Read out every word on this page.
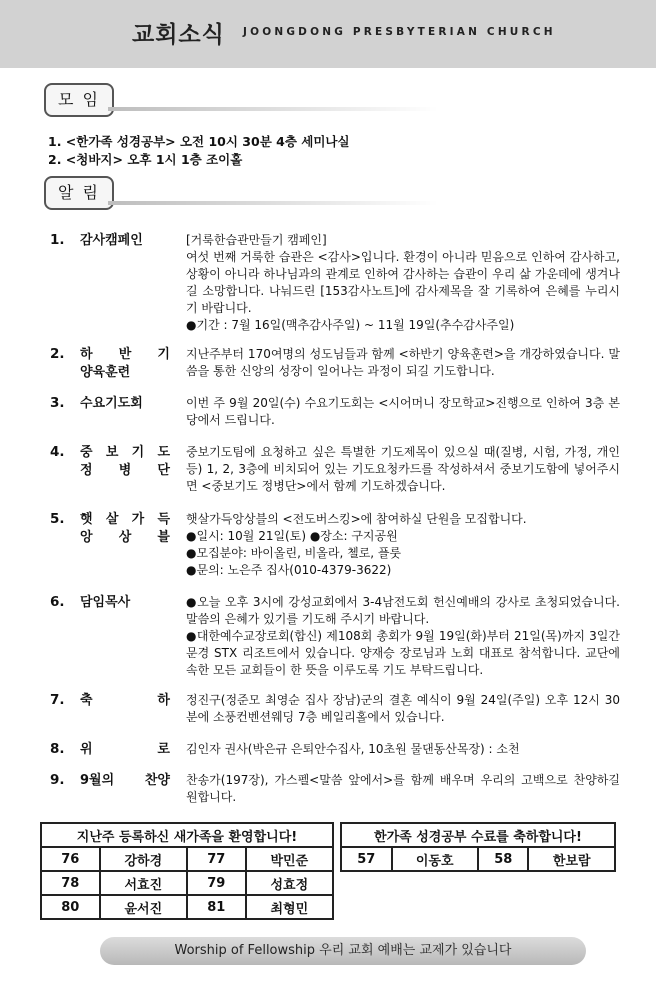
교회소식 JOONGDONG PRESBYTERIAN CHURCH
모 임
1. <한가족 성경공부> 오전 10시 30분 4층 세미나실
2. <청바지> 오후 1시 1층 조이홀
알 림
1. 감사캠페인	[거룩한습관만들기 캠페인]
여섯 번째 거룩한 습관은 <감사>입니다. 환경이 아니라 믿음으로 인하여 감사하고, 상황이 아니라 하나님과의 관계로 인하여 감사하는 습관이 우리 삶 가운데에 생겨나길 소망합니다. 나눠드린 [153감사노트]에 감사제목을 잘 기록하여 은혜를 누리시기 바랍니다.
●기간 : 7월 16일(맥추감사주일) ~ 11월 19일(추수감사주일)
2. 하 반 기
양육훈련
지난주부터 170여명의 성도님들과 함께 <하반기 양육훈련>을 개강하였습니다. 말씀을 통한 신앙의 성장이 일어나는 과정이 되길 기도합니다.
3. 수요기도회	이번 주 9월 20일(수) 수요기도회는 <시어머니 장모학교>진행으로 인하여 3층 본당에서 드립니다.
4. 중 보 기 도
정 병 단
중보기도팀에 요청하고 싶은 특별한 기도제목이 있으실 때(질병, 시험, 가정, 개인 등) 1, 2, 3층에 비치되어 있는 기도요청카드를 작성하셔서 중보기도함에 넣어주시면 <중보기도 정병단>에서 함께 기도하겠습니다.
5. 햇 살 가 득
앙 상 블
햇살가득앙상블의 <전도버스킹>에 참여하실 단원을 모집합니다.
●일시: 10월 21일(토) ●장소: 구지공원
●모집분야: 바이올린, 비올라, 첼로, 플룻
●문의: 노은주 집사(010-4379-3622)
6. 담임목사	●오늘 오후 3시에 강성교회에서 3-4남전도회 헌신예배의 강사로 초청되었습니다. 말씀의 은혜가 있기를 기도해 주시기 바랍니다.
●대한예수교장로회(합신) 제108회 총회가 9월 19일(화)부터 21일(목)까지 3일간 문경 STX 리조트에서 있습니다. 양재승 장로님과 노회 대표로 참석합니다. 교단에 속한 모든 교회들이 한 뜻을 이루도록 기도 부탁드립니다.
7. 축 하 정진구(정준모 최영순 집사 장남)군의 결혼 예식이 9월 24일(주일) 오후 12시 30분에 소풍컨벤션웨딩 7층 베일리홀에서 있습니다.
8. 위 로 김인자 권사(박은규 은퇴안수집사, 10초원 물댄동산목장) : 소천
9. 9월의 찬양 찬송가(197장), 가스펠<말씀 앞에서>를 함께 배우며 우리의 고백으로 찬양하길 원합니다.
지난주 등록하신 새가족을 환영합니다!			
76	강하경	77	박민준
78	서효진	79	성효정
80	윤서진	81	최형민
한가족 성경공부 수료를 축하합니다!
57	이동호	58	한보람
Worship of Fellowship 우리 교회 예배는 교제가 있습니다
